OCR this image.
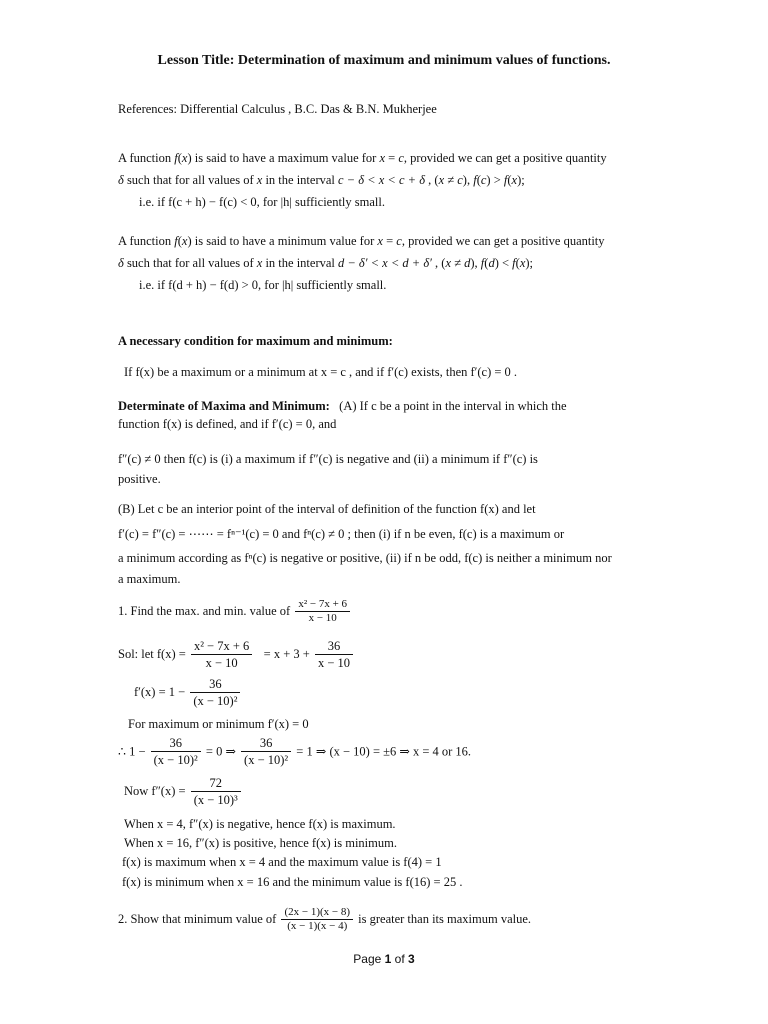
Lesson Title: Determination of maximum and minimum values of functions.
References: Differential Calculus , B.C. Das & B.N. Mukherjee
A function f(x) is said to have a maximum value for x = c, provided we can get a positive quantity
δ such that for all values of x in the interval c − δ < x < c + δ , (x ≠ c), f(c) > f(x);
i.e. if f(c + h) − f(c) < 0, for |h| sufficiently small.
A function f(x) is said to have a minimum value for x = c, provided we can get a positive quantity
δ such that for all values of x in the interval d − δ′ < x < d + δ′ , (x ≠ d), f(d) < f(x);
i.e. if f(d + h) − f(d) > 0, for |h| sufficiently small.
A necessary condition for maximum and minimum:
If f(x) be a maximum or a minimum at x = c , and if f′(c) exists, then f′(c) = 0 .
Determinate of Maxima and Minimum: (A) If c be a point in the interval in which the
function f(x) is defined, and if f′(c) = 0, and
f″(c) ≠ 0 then f(c) is (i) a maximum if f″(c) is negative and (ii) a minimum if f″(c) is
positive.
(B) Let c be an interior point of the interval of definition of the function f(x) and let
f′(c) = f″(c) = ⋯⋯ = fⁿ⁻¹(c) = 0 and fⁿ(c) ≠ 0 ; then (i) if n be even, f(c) is a maximum or
a minimum according as fⁿ(c) is negative or positive, (ii) if n be odd, f(c) is neither a minimum nor
a maximum.
1. Find the max. and min. value of $\frac{\text{x² − 7x + 6}}{x - 10}$
Sol: let $f(x) = \frac{\text{x² − 7x + 6}}{x - 10} = x + 3 + \frac{36}{x - 10}$
$f'(x) = 1 - \frac{36}{\text{(x − 10)²}}$
For maximum or minimum f′(x) = 0
∴ $1 - \frac{36}{\text{(x − 10)²}} = 0$ ⇒ $\frac{36}{\text{(x − 10)²}} = 1$ ⇒ (x − 10) = ±6 ⇒ x = 4 or 16.
Now $f''(x) = \frac{72}{\text{(x − 10)³}}$
When x = 4, f″(x) is negative, hence f(x) is maximum.
When x = 16, f″(x) is positive, hence f(x) is minimum.
f(x) is maximum when x = 4 and the maximum value is f(4) = 1
f(x) is minimum when x = 16 and the minimum value is f(16) = 25 .
2. Show that minimum value of $\frac{(2x - 1)(x - 8)}{(x - 1)(x - 4)}$ is greater than its maximum value.
Page 1 of 3
